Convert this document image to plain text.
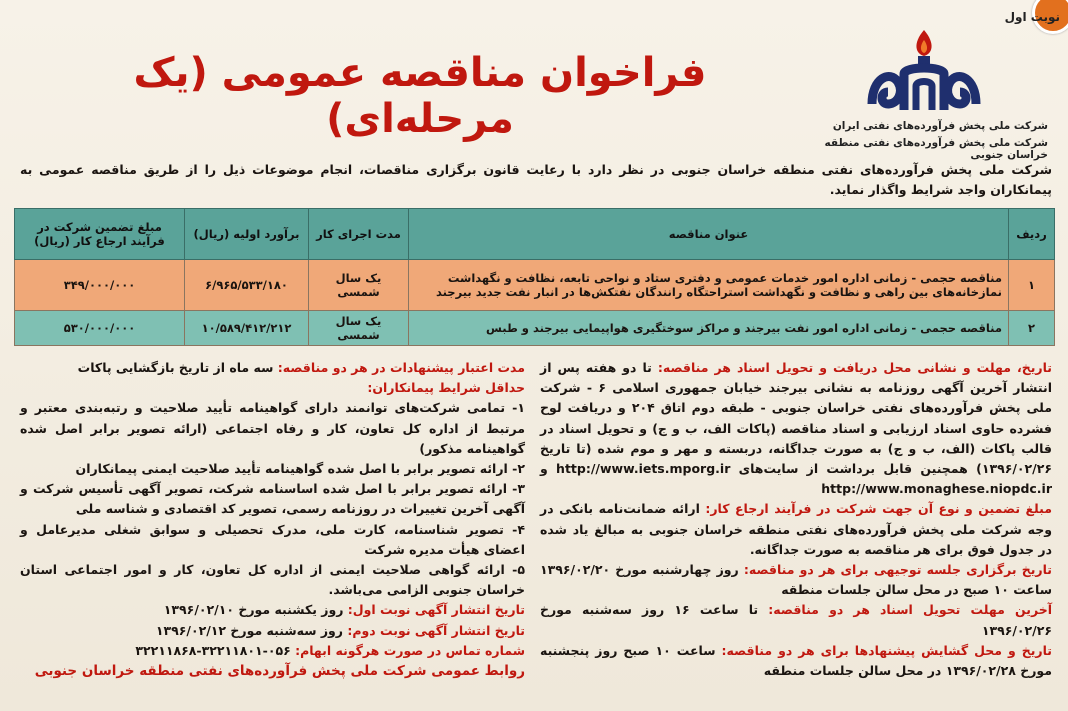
نوبت اول
شرکت ملی پخش فرآورده‌های نفتی ایران
شرکت ملی پخش فرآورده‌های نفتی منطقه خراسان جنوبی
فراخوان مناقصه عمومی (یک مرحله‌ای)
شرکت ملی پخش فرآورده‌های نفتی منطقه خراسان جنوبی در نظر دارد با رعایت قانون برگزاری مناقصات، انجام موضوعات ذیل را از طریق مناقصه عمومی به پیمانکاران واجد شرایط واگذار نماید.
ردیف	عنوان مناقصه	مدت اجرای کار	برآورد اولیه (ریال)	مبلغ تضمین شرکت در فرآیند ارجاع کار (ریال)
۱	مناقصه حجمی - زمانی اداره امور خدمات عمومی و دفتری ستاد و نواحی تابعه، نظافت و نگهداشت نمازخانه‌های بین راهی و نظافت و نگهداشت استراحتگاه رانندگان نفتکش‌ها در انبار نفت جدید بیرجند	یک سال شمسی	۶/۹۶۵/۵۳۳/۱۸۰	۳۴۹/۰۰۰/۰۰۰
۲	مناقصه حجمی - زمانی اداره امور نفت بیرجند و مراکز سوختگیری هواپیمایی بیرجند و طبس	یک سال شمسی	۱۰/۵۸۹/۴۱۲/۲۱۲	۵۳۰/۰۰۰/۰۰۰
تاریخ، مهلت و نشانی محل دریافت و تحویل اسناد هر مناقصه: تا دو هفته پس از انتشار آخرین آگهی روزنامه به نشانی بیرجند خیابان جمهوری اسلامی ۶ - شرکت ملی پخش فرآورده‌های نفتی خراسان جنوبی - طبقه دوم اتاق ۲۰۴ و دریافت لوح فشرده حاوی اسناد ارزیابی و اسناد مناقصه (پاکات الف، ب و ج) و تحویل اسناد در قالب پاکات (الف، ب و ج) به صورت جداگانه، دربسته و مهر و موم شده (تا تاریخ ۱۳۹۶/۰۲/۲۶) همچنین قابل برداشت از سایت‌های http://www.iets.mporg.ir و http://www.monaghese.niopdc.ir
مبلغ تضمین و نوع آن جهت شرکت در فرآیند ارجاع کار: ارائه ضمانت‌نامه بانکی در وجه شرکت ملی پخش فرآورده‌های نفتی منطقه خراسان جنوبی به مبالغ یاد شده در جدول فوق برای هر مناقصه به صورت جداگانه.
تاریخ برگزاری جلسه توجیهی برای هر دو مناقصه: روز چهارشنبه مورخ ۱۳۹۶/۰۲/۲۰ ساعت ۱۰ صبح در محل سالن جلسات منطقه
آخرین مهلت تحویل اسناد هر دو مناقصه: تا ساعت ۱۶ روز سه‌شنبه مورخ ۱۳۹۶/۰۲/۲۶
تاریخ و محل گشایش پیشنهادها برای هر دو مناقصه: ساعت ۱۰ صبح روز پنجشنبه مورخ ۱۳۹۶/۰۲/۲۸ در محل سالن جلسات منطقه
مدت اعتبار پیشنهادات در هر دو مناقصه: سه ماه از تاریخ بازگشایی پاکات
حداقل شرایط پیمانکاران:
۱- تمامی شرکت‌های توانمند دارای گواهینامه تأیید صلاحیت و رتبه‌بندی معتبر و مرتبط از اداره کل تعاون، کار و رفاه اجتماعی (ارائه تصویر برابر اصل شده گواهینامه مذکور)
۲- ارائه تصویر برابر با اصل شده گواهینامه تأیید صلاحیت ایمنی پیمانکاران
۳- ارائه تصویر برابر با اصل شده اساسنامه شرکت، تصویر آگهی تأسیس شرکت و آگهی آخرین تغییرات در روزنامه رسمی، تصویر کد اقتصادی و شناسه ملی
۴- تصویر شناسنامه، کارت ملی، مدرک تحصیلی و سوابق شغلی مدیرعامل و اعضای هیأت مدیره شرکت
۵- ارائه گواهی صلاحیت ایمنی از اداره کل تعاون، کار و امور اجتماعی استان خراسان جنوبی الزامی می‌باشد.
تاریخ انتشار آگهی نوبت اول: روز یکشنبه مورخ ۱۳۹۶/۰۲/۱۰
تاریخ انتشار آگهی نوبت دوم: روز سه‌شنبه مورخ ۱۳۹۶/۰۲/۱۲
شماره تماس در صورت هرگونه ابهام: ۰۵۶-۳۲۲۱۱۸۰۱-۳۲۲۱۱۸۶۸
روابط عمومی شرکت ملی پخش فرآورده‌های نفتی منطقه خراسان جنوبی
